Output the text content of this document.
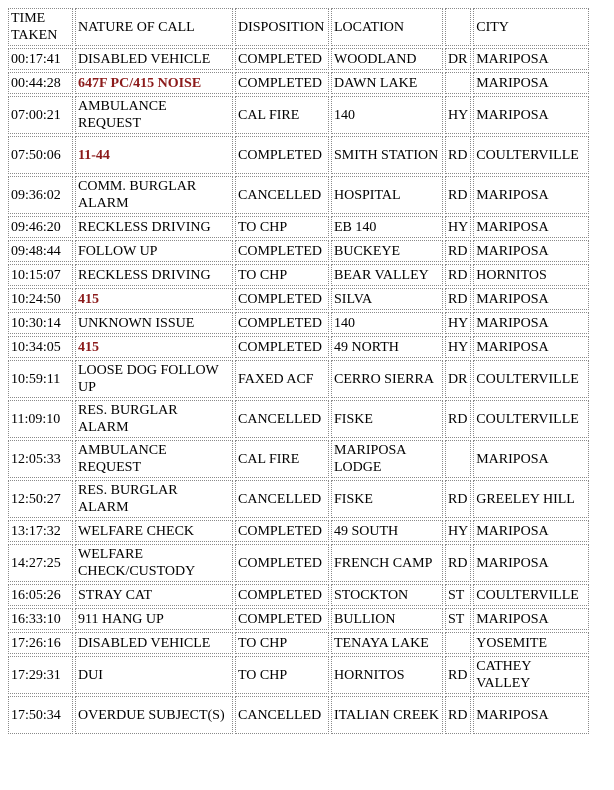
TIME TAKEN	NATURE OF CALL	DISPOSITION	LOCATION		CITY
00:17:41	DISABLED VEHICLE	COMPLETED	WOODLAND	DR	MARIPOSA
00:44:28	647F PC/415 NOISE	COMPLETED	DAWN LAKE		MARIPOSA
07:00:21	AMBULANCE REQUEST	CAL FIRE	140	HY	MARIPOSA
07:50:06	11-44	COMPLETED	SMITH STATION	RD	COULTERVILLE
09:36:02	COMM. BURGLAR ALARM	CANCELLED	HOSPITAL	RD	MARIPOSA
09:46:20	RECKLESS DRIVING	TO CHP	EB 140	HY	MARIPOSA
09:48:44	FOLLOW UP	COMPLETED	BUCKEYE	RD	MARIPOSA
10:15:07	RECKLESS DRIVING	TO CHP	BEAR VALLEY	RD	HORNITOS
10:24:50	415	COMPLETED	SILVA	RD	MARIPOSA
10:30:14	UNKNOWN ISSUE	COMPLETED	140	HY	MARIPOSA
10:34:05	415	COMPLETED	49 NORTH	HY	MARIPOSA
10:59:11	LOOSE DOG FOLLOW UP	FAXED ACF	CERRO SIERRA	DR	COULTERVILLE
11:09:10	RES. BURGLAR ALARM	CANCELLED	FISKE	RD	COULTERVILLE
12:05:33	AMBULANCE REQUEST	CAL FIRE	MARIPOSA LODGE		MARIPOSA
12:50:27	RES. BURGLAR ALARM	CANCELLED	FISKE	RD	GREELEY HILL
13:17:32	WELFARE CHECK	COMPLETED	49 SOUTH	HY	MARIPOSA
14:27:25	WELFARE CHECK/CUSTODY	COMPLETED	FRENCH CAMP	RD	MARIPOSA
16:05:26	STRAY CAT	COMPLETED	STOCKTON	ST	COULTERVILLE
16:33:10	911 HANG UP	COMPLETED	BULLION	ST	MARIPOSA
17:26:16	DISABLED VEHICLE	TO CHP	TENAYA LAKE		YOSEMITE
17:29:31	DUI	TO CHP	HORNITOS	RD	CATHEY VALLEY
17:50:34	OVERDUE SUBJECT(S)	CANCELLED	ITALIAN CREEK	RD	MARIPOSA
